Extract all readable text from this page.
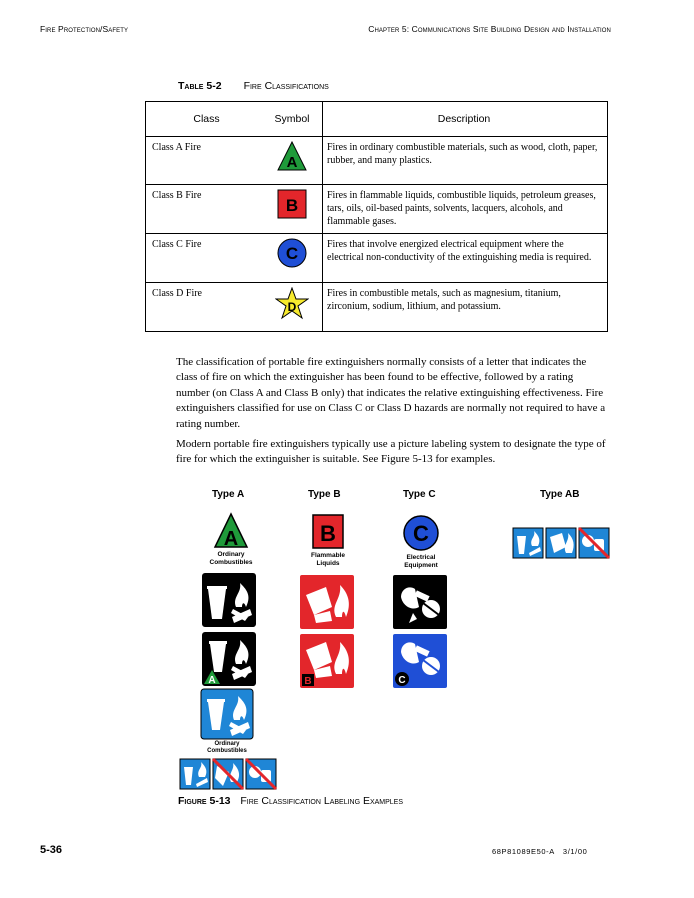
Fire Protection/Safety	Chapter 5: Communications Site Building Design and Installation
Table 5-2 Fire Classifications
Class	Symbol	Description
Class A Fire	A	Fires in ordinary combustible materials, such as wood, cloth, paper, rubber, and many plastics.
Class B Fire	B	Fires in flammable liquids, combustible liquids, petroleum greases, tars, oils, oil-based paints, solvents, lacquers, alcohols, and flammable gases.
Class C Fire	C	Fires that involve energized electrical equipment where the electrical non-conductivity of the extinguishing media is required.
Class D Fire	D	Fires in combustible metals, such as magnesium, titanium, zirconium, sodium, lithium, and potassium.

The classification of portable fire extinguishers normally consists of a letter that indicates the class of fire on which the extinguisher has been found to be effective, followed by a rating number (on Class A and Class B only) that indicates the relative extinguishing effectiveness. Fire extinguishers classified for use on Class C or Class D hazards are normally not required to have a rating number.

Modern portable fire extinguishers typically use a picture labeling system to designate the type of fire for which the extinguisher is suitable. See Figure 5-13 for examples.

Type A	Type B	Type C	Type AB
A
Ordinary
Combustibles
B
Flammable
Liquids
C
Electrical
Equipment
A
Ordinary
Combustibles
B	C
Figure 5-13 Fire Classification Labeling Examples
5-36	68P81089E50-A 3/1/00
